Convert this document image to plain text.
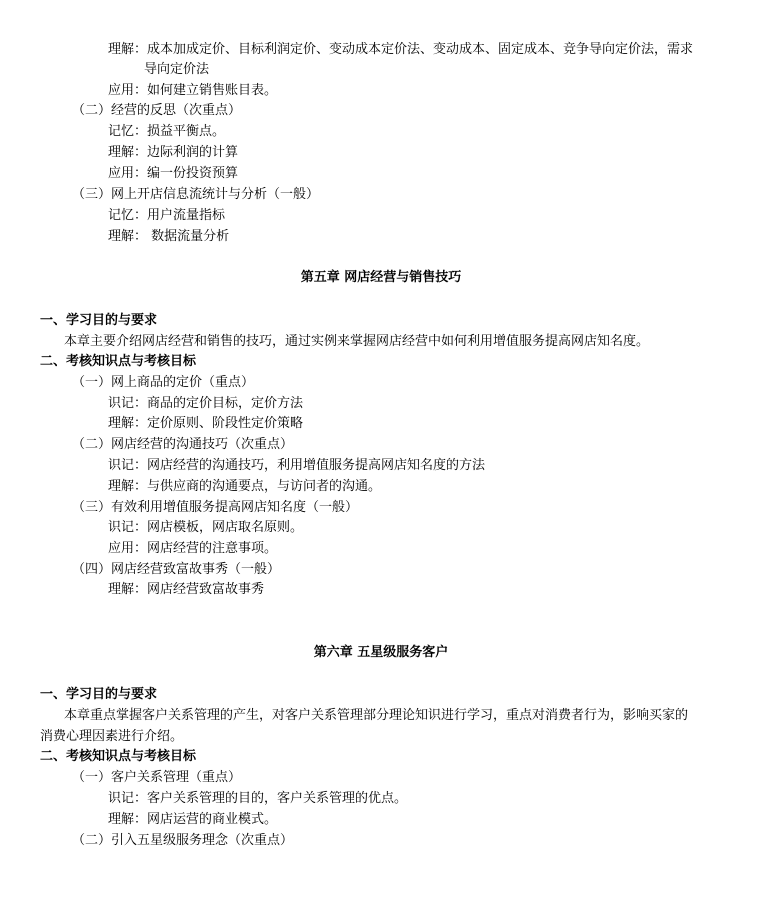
理解：成本加成定价、目标利润定价、变动成本定价法、变动成本、固定成本、竞争导向定价法，需求
导向定价法
应用：如何建立销售账目表。
（二）经营的反思（次重点）
记忆：损益平衡点。
理解：边际利润的计算
应用：编一份投资预算
（三）网上开店信息流统计与分析（一般）
记忆：用户流量指标
理解： 数据流量分析
第五章 网店经营与销售技巧
一、学习目的与要求
本章主要介绍网店经营和销售的技巧，通过实例来掌握网店经营中如何利用增值服务提高网店知名度。
二、考核知识点与考核目标
（一）网上商品的定价（重点）
识记：商品的定价目标，定价方法
理解：定价原则、阶段性定价策略
（二）网店经营的沟通技巧（次重点）
识记：网店经营的沟通技巧，利用增值服务提高网店知名度的方法
理解：与供应商的沟通要点，与访问者的沟通。
（三）有效利用增值服务提高网店知名度（一般）
识记：网店模板，网店取名原则。
应用：网店经营的注意事项。
（四）网店经营致富故事秀（一般）
理解：网店经营致富故事秀
第六章 五星级服务客户
一、学习目的与要求
本章重点掌握客户关系管理的产生，对客户关系管理部分理论知识进行学习，重点对消费者行为，影响买家的
消费心理因素进行介绍。
二、考核知识点与考核目标
（一）客户关系管理（重点）
识记：客户关系管理的目的，客户关系管理的优点。
理解：网店运营的商业模式。
（二）引入五星级服务理念（次重点）
